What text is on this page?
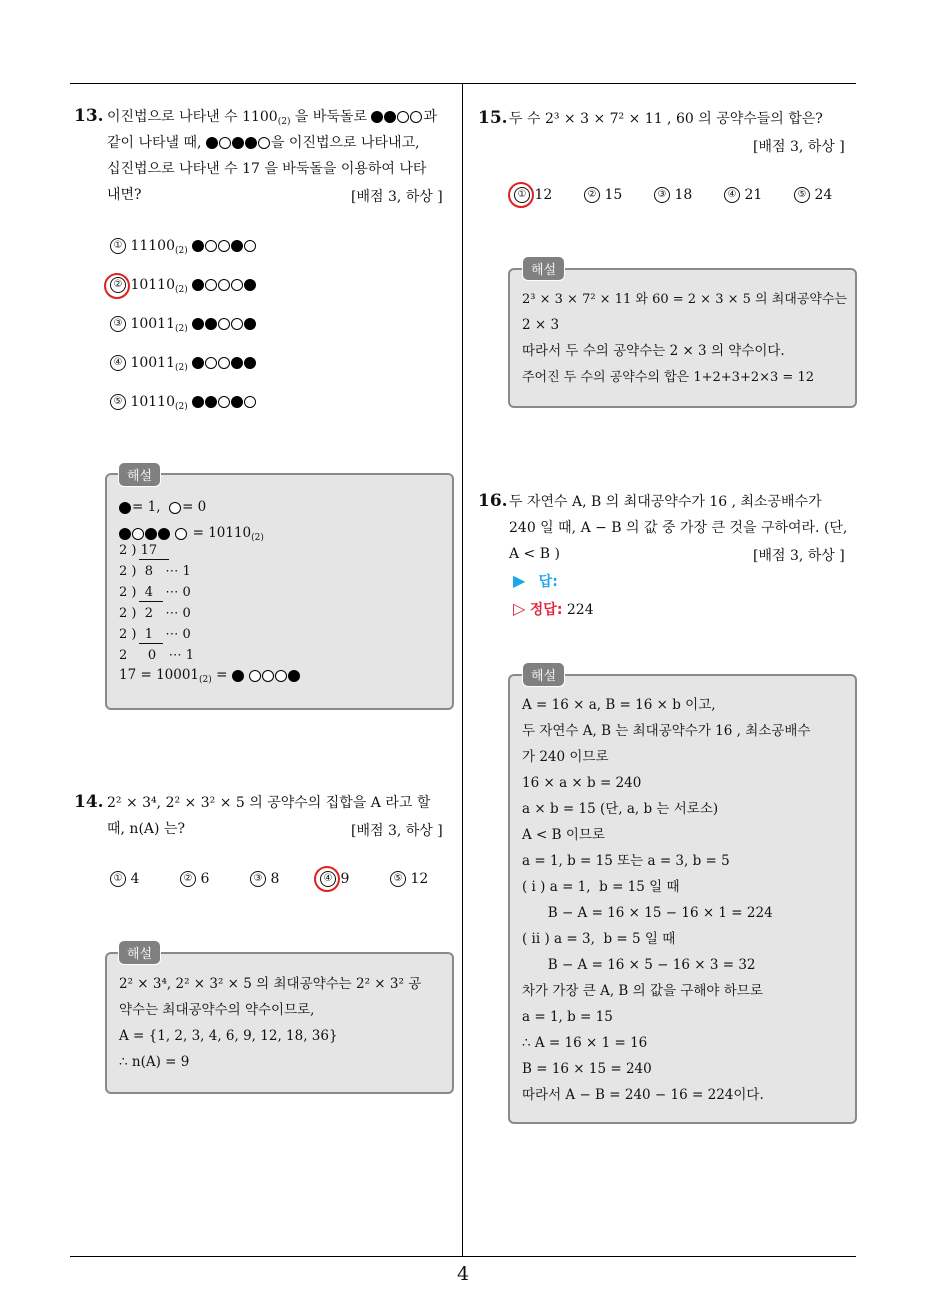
4
13. 이진법으로 나타낸 수 $1100_{(2)}$ 을 바둑돌로	과
같이 나타낼 때,	을 이진법으로 나타내고,
십진법으로 나타낸 수 17 을 바둑돌을 이용하여 나타
내면?	[배점 3, 하상 ]
① $11100_{(2)}$
② $10110_{(2)}$
③ $10011_{(2)}$
④ $10011_{(2)}$
⑤ $10110_{(2)}$
= 1, = 0
= $10110_{(2)}$
2 ) 17
2 )  8   ⋯ 1
2 )  4   ⋯ 0
2 )  2   ⋯ 0
2 )  1   ⋯ 0
2     0   ⋯ 1
$17 = 10001_{(2)}$ =
해설
14. 2² × 3⁴, 2² × 3² × 5 의 공약수의 집합을 A 라고 할
때, n(A) 는?	[배점 3, 하상 ]
① 4	② 6	③ 8	④ 9	⑤ 12
2² × 3⁴, 2² × 3² × 5 의 최대공약수는 2² × 3² 공
약수는 최대공약수의 약수이므로,
A = {1, 2, 3, 4, 6, 9, 12, 18, 36}
∴ n(A) = 9
해설
15. 두 수 2³ × 3 × 7² × 11 , 60 의 공약수들의 합은?
[배점 3, 하상 ]
① 12	② 15	③ 18	④ 21	⑤ 24
2³ × 3 × 7² × 11 와 60 = 2 × 3 × 5 의 최대공약수는
2 × 3
따라서 두 수의 공약수는 2 × 3 의 약수이다.
주어진 두 수의 공약수의 합은 1+2+3+2×3 = 12
해설
16. 두 자연수 A, B 의 최대공약수가 16 , 최소공배수가
240 일 때, A − B 의 값 중 가장 큰 것을 구하여라. (단,
A < B )	[배점 3, 하상 ]
▶ 답:
▷ 정답: 224
A = 16 × a, B = 16 × b 이고,
두 자연수 A, B 는 최대공약수가 16 , 최소공배수
가 240 이므로
16 × a × b = 240
a × b = 15 (단, a, b 는 서로소)
A < B 이므로
a = 1, b = 15 또는 a = 3, b = 5
( i ) a = 1,  b = 15 일 때
B − A = 16 × 15 − 16 × 1 = 224
( ii ) a = 3,  b = 5 일 때
B − A = 16 × 5 − 16 × 3 = 32
차가 가장 큰 A, B 의 값을 구해야 하므로
a = 1, b = 15
∴ A = 16 × 1 = 16
B = 16 × 15 = 240
따라서 A − B = 240 − 16 = 224이다.
해설
